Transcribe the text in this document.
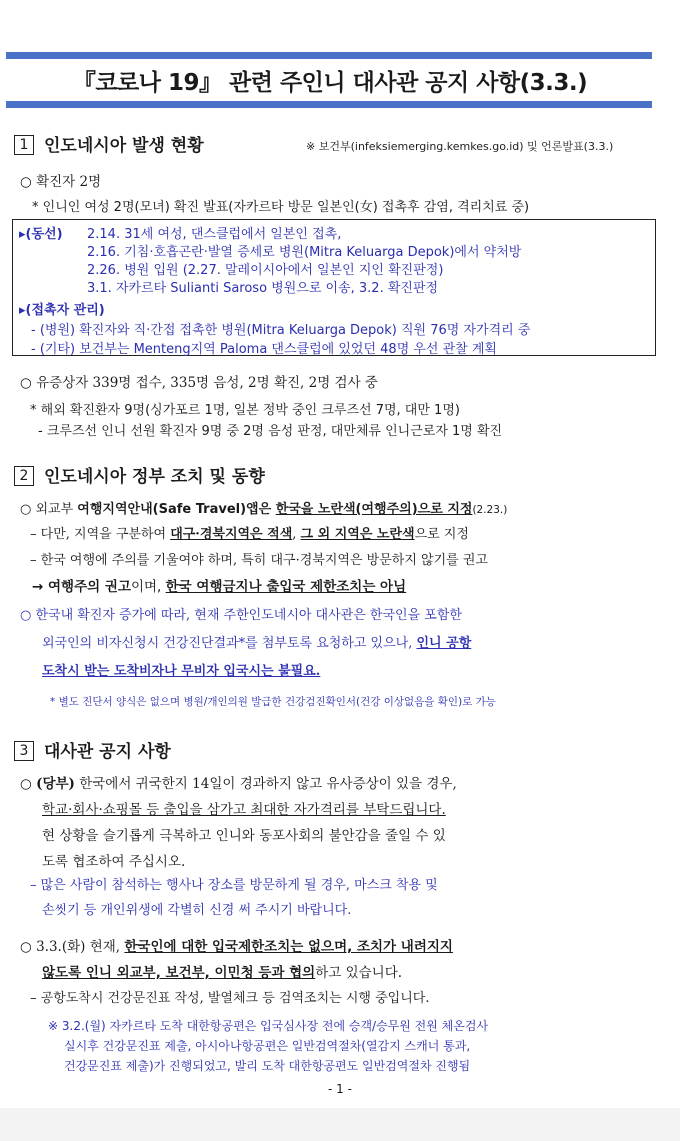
『코로나 19』 관련 주인니 대사관 공지 사항(3.3.)
1 인도네시아 발생 현황	※ 보건부(infeksiemerging.kemkes.go.id) 및 언론발표(3.3.)
○ 확진자 2명
* 인니인 여성 2명(모녀) 확진 발표(자카르타 방문 일본인(女) 접촉후 감염, 격리치료 중)
▸(동선) 2.14. 31세 여성, 댄스클럽에서 일본인 접촉,
2.16. 기침·호흡곤란·발열 증세로 병원(Mitra Keluarga Depok)에서 약처방
2.26. 병원 입원 (2.27. 말레이시아에서 일본인 지인 확진판정)
3.1. 자카르타 Sulianti Saroso 병원으로 이송, 3.2. 확진판정
▸(접촉자 관리)
- (병원) 확진자와 직·간접 접촉한 병원(Mitra Keluarga Depok) 직원 76명 자가격리 중
- (기타) 보건부는 Menteng지역 Paloma 댄스클럽에 있었던 48명 우선 관찰 계획
○ 유증상자 339명 접수, 335명 음성, 2명 확진, 2명 검사 중
* 해외 확진환자 9명(싱가포르 1명, 일본 정박 중인 크루즈선 7명, 대만 1명)
- 크루즈선 인니 선원 확진자 9명 중 2명 음성 판정, 대만체류 인니근로자 1명 확진
2 인도네시아 정부 조치 및 동향
○ 외교부 여행지역안내(Safe Travel)앱은 한국을 노란색(여행주의)으로 지정(2.23.)
– 다만, 지역을 구분하여 대구·경북지역은 적색, 그 외 지역은 노란색으로 지정
– 한국 여행에 주의를 기울여야 하며, 특히 대구·경북지역은 방문하지 않기를 권고
→ 여행주의 권고이며, 한국 여행금지나 출입국 제한조치는 아님
○ 한국내 확진자 증가에 따라, 현재 주한인도네시아 대사관은 한국인을 포함한
외국인의 비자신청시 건강진단결과*를 첨부토록 요청하고 있으나, 인니 공항
도착시 받는 도착비자나 무비자 입국시는 불필요.
* 별도 진단서 양식은 없으며 병원/개인의원 발급한 건강검진확인서(건강 이상없음을 확인)로 가능
3 대사관 공지 사항
○ (당부) 한국에서 귀국한지 14일이 경과하지 않고 유사증상이 있을 경우,
학교·회사·쇼핑몰 등 출입을 삼가고 최대한 자가격리를 부탁드립니다.
현 상황을 슬기롭게 극복하고 인니와 동포사회의 불안감을 줄일 수 있
도록 협조하여 주십시오.
– 많은 사람이 참석하는 행사나 장소를 방문하게 될 경우, 마스크 착용 및
손씻기 등 개인위생에 각별히 신경 써 주시기 바랍니다.
○ 3.3.(화) 현재, 한국인에 대한 입국제한조치는 없으며, 조치가 내려지지
않도록 인니 외교부, 보건부, 이민청 등과 협의하고 있습니다.
– 공항도착시 건강문진표 작성, 발열체크 등 검역조치는 시행 중입니다.
※ 3.2.(월) 자카르타 도착 대한항공편은 입국심사장 전에 승객/승무원 전원 체온검사
실시후 건강문진표 제출, 아시아나항공편은 일반검역절차(열감지 스캐너 통과,
건강문진표 제출)가 진행되었고, 발리 도착 대한항공편도 일반검역절차 진행됨
- 1 -
